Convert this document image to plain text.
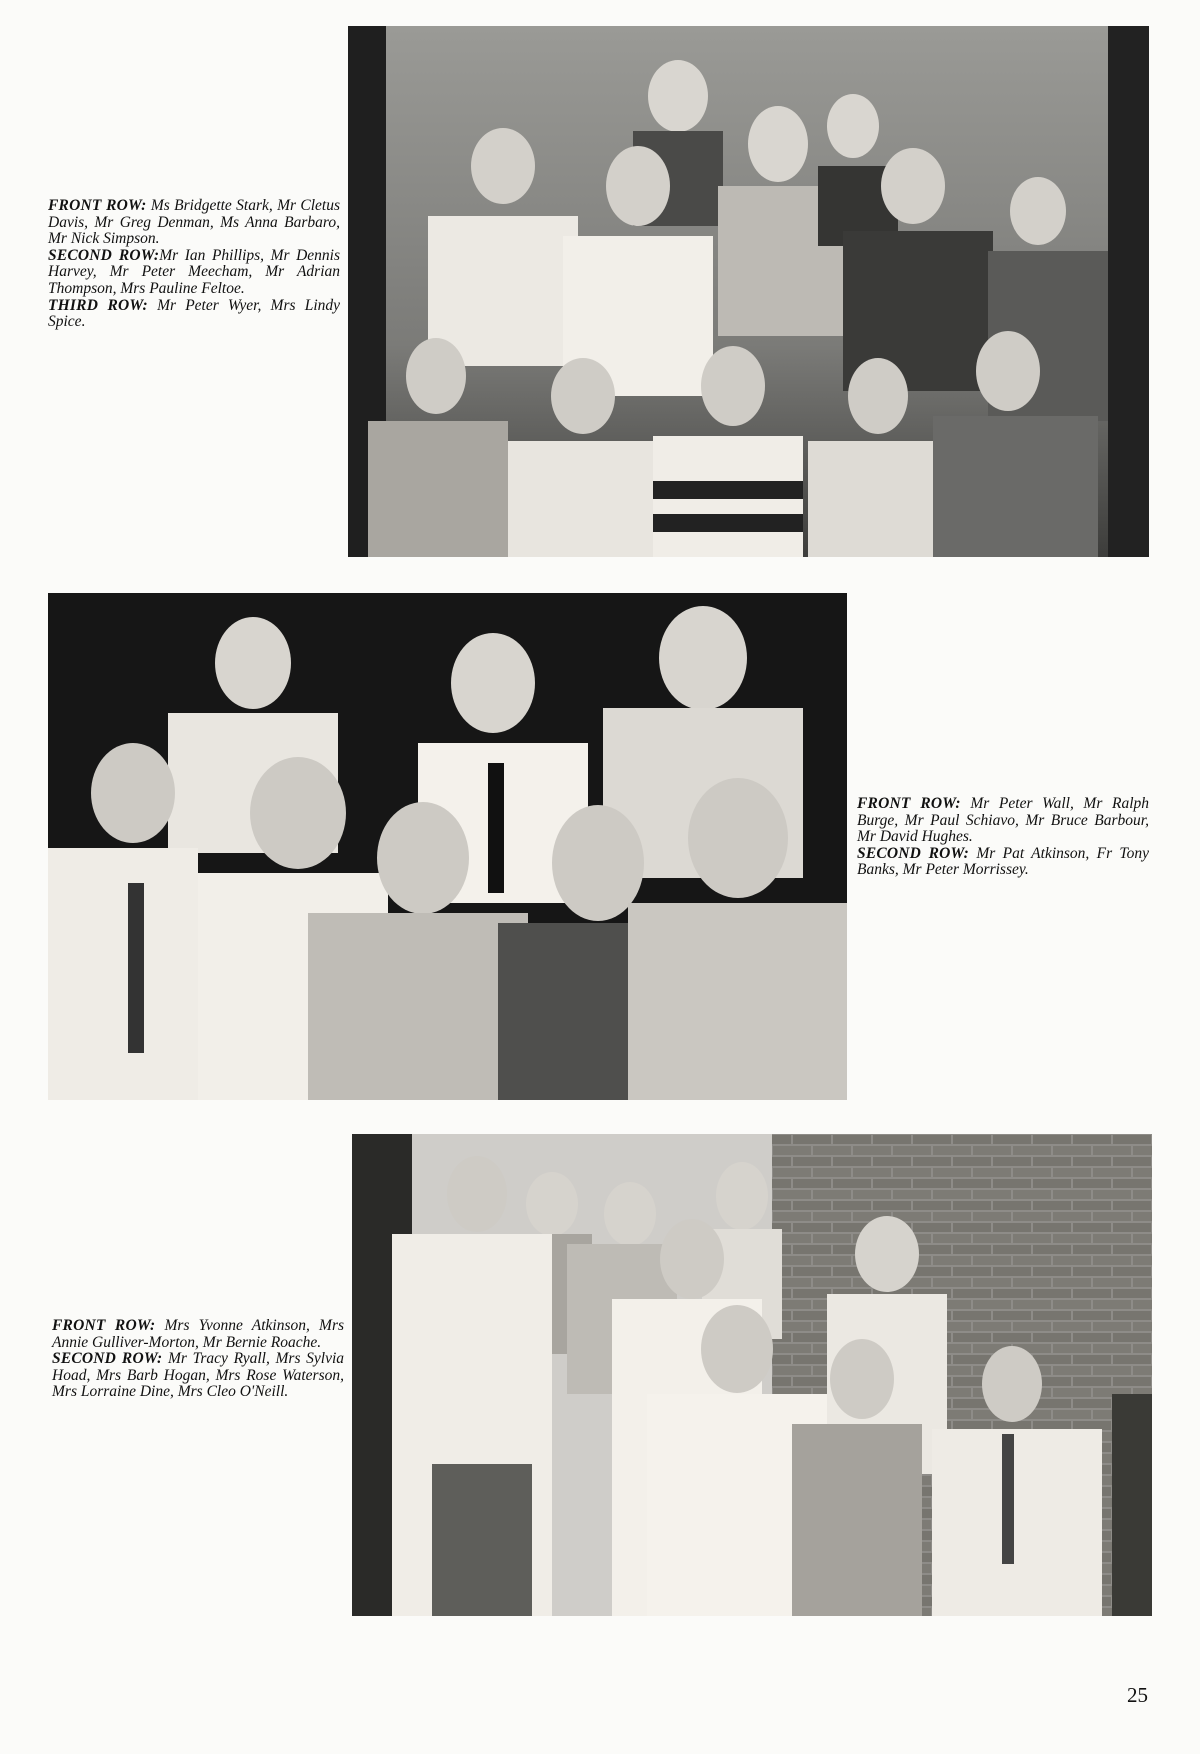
FRONT ROW: Ms Bridgette Stark, Mr Cletus Davis, Mr Greg Denman, Ms Anna Barbaro, Mr Nick Simpson.
SECOND ROW:Mr Ian Phillips, Mr Dennis Harvey, Mr Peter Meecham, Mr Adrian Thompson, Mrs Pauline Feltoe.
THIRD ROW: Mr Peter Wyer, Mrs Lindy Spice.
FRONT ROW: Mr Peter Wall, Mr Ralph Burge, Mr Paul Schiavo, Mr Bruce Barbour, Mr David Hughes.
SECOND ROW: Mr Pat Atkinson, Fr Tony Banks, Mr Peter Morrissey.
FRONT ROW: Mrs Yvonne Atkinson, Mrs Annie Gulliver-Morton, Mr Bernie Roache.
SECOND ROW: Mr Tracy Ryall, Mrs Sylvia Hoad, Mrs Barb Hogan, Mrs Rose Waterson, Mrs Lorraine Dine, Mrs Cleo O'Neill.
25
